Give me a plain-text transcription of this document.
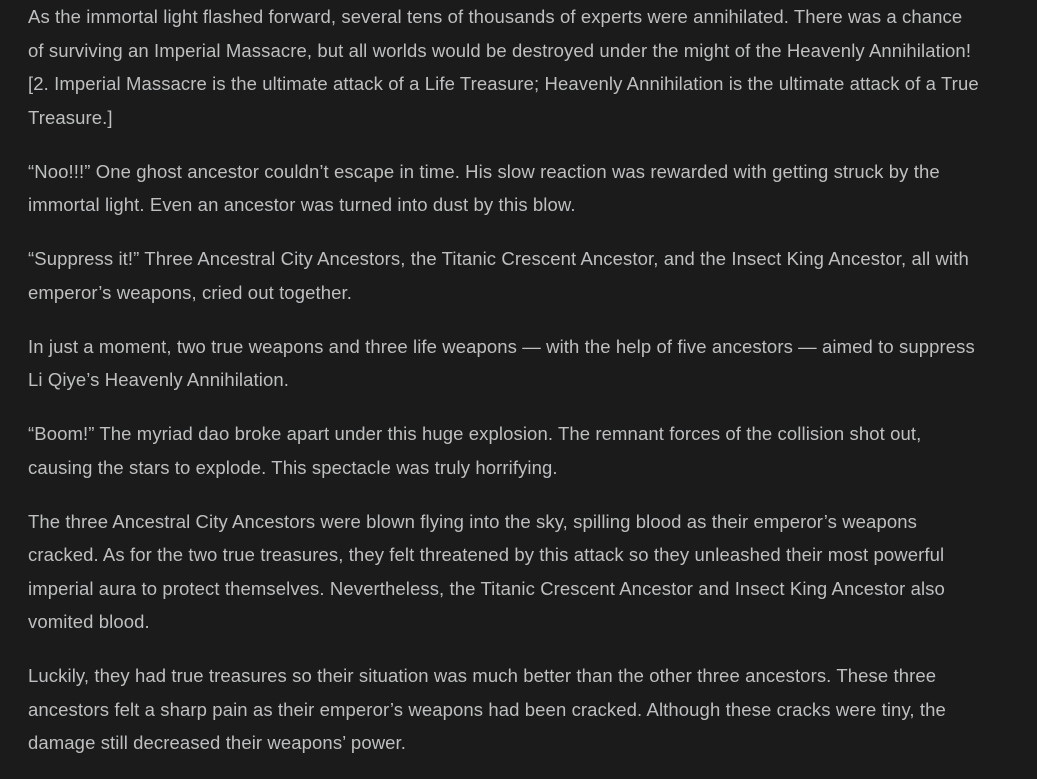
As the immortal light flashed forward, several tens of thousands of experts were annihilated. There was a chance of surviving an Imperial Massacre, but all worlds would be destroyed under the might of the Heavenly Annihilation! [2. Imperial Massacre is the ultimate attack of a Life Treasure; Heavenly Annihilation is the ultimate attack of a True Treasure.]

“Noo!!!” One ghost ancestor couldn’t escape in time. His slow reaction was rewarded with getting struck by the immortal light. Even an ancestor was turned into dust by this blow.

“Suppress it!” Three Ancestral City Ancestors, the Titanic Crescent Ancestor, and the Insect King Ancestor, all with emperor’s weapons, cried out together.

In just a moment, two true weapons and three life weapons — with the help of five ancestors — aimed to suppress Li Qiye’s Heavenly Annihilation.

“Boom!” The myriad dao broke apart under this huge explosion. The remnant forces of the collision shot out, causing the stars to explode. This spectacle was truly horrifying.

The three Ancestral City Ancestors were blown flying into the sky, spilling blood as their emperor’s weapons cracked. As for the two true treasures, they felt threatened by this attack so they unleashed their most powerful imperial aura to protect themselves. Nevertheless, the Titanic Crescent Ancestor and Insect King Ancestor also vomited blood.

Luckily, they had true treasures so their situation was much better than the other three ancestors. These three ancestors felt a sharp pain as their emperor’s weapons had been cracked. Although these cracks were tiny, the damage still decreased their weapons’ power.
